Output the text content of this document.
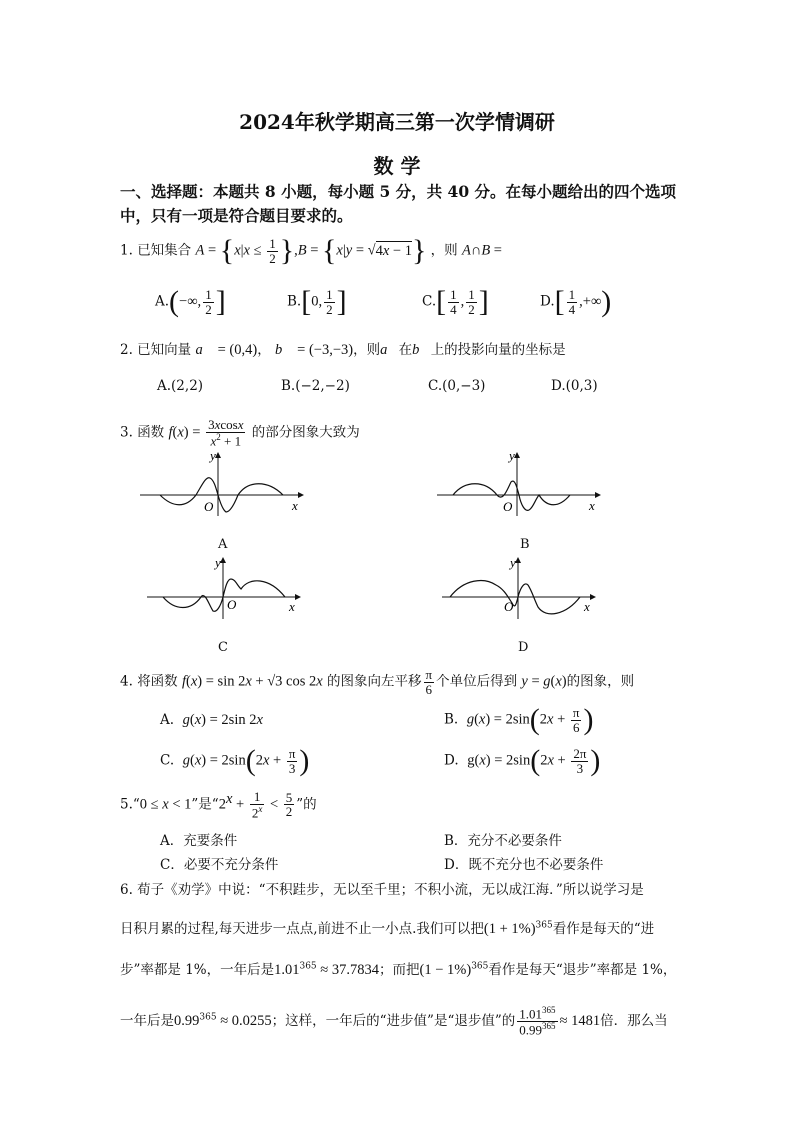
2024年秋学期高三第一次学情调研
数 学
一、选择题：本题共 8 小题，每小题 5 分，共 40 分。在每小题给出的四个选项中，只有一项是符合题目要求的。
1. 已知集合 $A = \{x|x \le \frac{1}{2} \},B = \{x|y = √4x - 1\}$ ，则 A∩B =
A.(−∞, $\frac{1}{2}$ ]	B.[0, $\frac{1}{2}$ ]	$C.[ \frac{1}{4}$ , $\frac{1}{2}$ ]	$D.[ \frac{1}{4}$ ,+∞)
2. 已知向量 a⃗ = (0,4)， b⃗ = (−3,−3)，则a⃗在b⃗上的投影向量的坐标是
A.(2,2)	B.(−2,−2)	C.(0,−3)	D.(0,3)
3. 函数 $f(x) = \frac{3xcosx}{x^2 + 1}$ 的部分图象大致为
O
y
x
A
O
y
x
B
O
y
x
C
O
y
x
D
4. 将函数 f(x) = sin 2x + √3 cos 2x 的图象向左平移 $\frac{\pi}{6}$ 个单位后得到 y = g(x)的图象，则
A. g(x) = 2sin 2x	B. $g(x) = 2\sin(2x + \frac{\pi}{6}$ )
C. $g(x) = 2\sin(2x + \frac{\pi}{3}$ )	D. $g(x) = 2\sin(2x + \frac{2\pi}{3}$ )
5.“0 ≤ x < 1”是“$2^x + \frac{1}{2^x} < \frac{5}{2}$ ”的
A．充要条件	B．充分不必要条件
C．必要不充分条件	D．既不充分也不必要条件
6. 荀子《劝学》中说：“不积跬步，无以至千里；不积小流，无以成江海．”所以说学习是
日积月累的过程,每天进步一点点,前进不止一小点.我们可以把$(1 + 1\%)^{365}$看作是每天的“进
步”率都是 1%，一年后是$1.01^{365} \approx 37.7834$；而把$(1 - 1\%)^{365}$看作是每天“退步”率都是 1%，
一年后是$0.99^{365} \approx 0.0255$；这样，一年后的“进步值”是“退步值”的 $\frac{1.01^{365}}{0.99^{365}} \approx 1481$倍．那么当
